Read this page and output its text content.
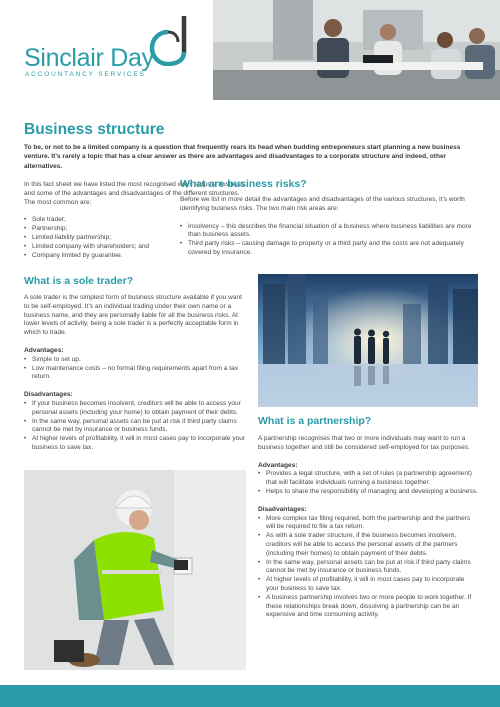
Sinclair Day
ACCOUNTANCY SERVICES
Business structure
To be, or not to be a limited company is a question that frequently rears its head when budding entrepreneurs start planning a new business venture. It’s rarely a topic that has a clear answer as there are advantages and disadvantages to a corporate structure and indeed, other alternatives.

In this fact sheet we have listed the most recognised ways to run a business and some of the advantages and disadvantages of the different structures. The most common are:

• Sole trader;
• Partnership;
• Limited liability partnership;
• Limited company with shareholders; and
• Company limited by guarantee.
What are business risks?

Before we list in more detail the advantages and disadvantages of the various structures, it’s worth identifying business risks. The two main risk areas are:

• Insolvency – this describes the financial situation of a business where business liabilities are more than business assets.
• Third party risks – causing damage to property or a third party and the costs are not adequately covered by insurance.
What is a sole trader?

A sole trader is the simplest form of business structure available if you want to be self-employed. It’s an individual trading under their own name or a business name, and they are personally liable for all the business risks. At lower levels of activity, being a sole trader is a perfectly acceptable form in which to trade.

Advantages:

• Simple to set up.
• Low maintenance costs – no formal filing requirements apart from a tax return.

Disadvantages:

• If your business becomes insolvent, creditors will be able to access your personal assets (including your home) to obtain payment of their debts.
• In the same way, personal assets can be put at risk if third party claims cannot be met by insurance or business funds.
• At higher levels of profitability, it will in most cases pay to incorporate your business to save tax.
What is a partnership?

A partnership recognises that two or more individuals may want to run a business together and still be considered self-employed for tax purposes.

Advantages:

• Provides a legal structure, with a set of rules (a partnership agreement) that will facilitate individuals running a business together.
• Helps to share the responsibility of managing and developing a business.

Disadvantages:

• More complex tax filing required, both the partnership and the partners will be required to file a tax return.
• As with a sole trader structure, if the business becomes insolvent, creditors will be able to access the personal assets of the partners (including their homes) to obtain payment of their debts.
• In the same way, personal assets can be put at risk if third party claims cannot be met by insurance or business funds.
• At higher levels of profitability, it will in most cases pay to incorporate your business to save tax.
• A business partnership involves two or more people to work together. If these relationships break down, dissolving a partnership can be an expensive and time consuming activity.
